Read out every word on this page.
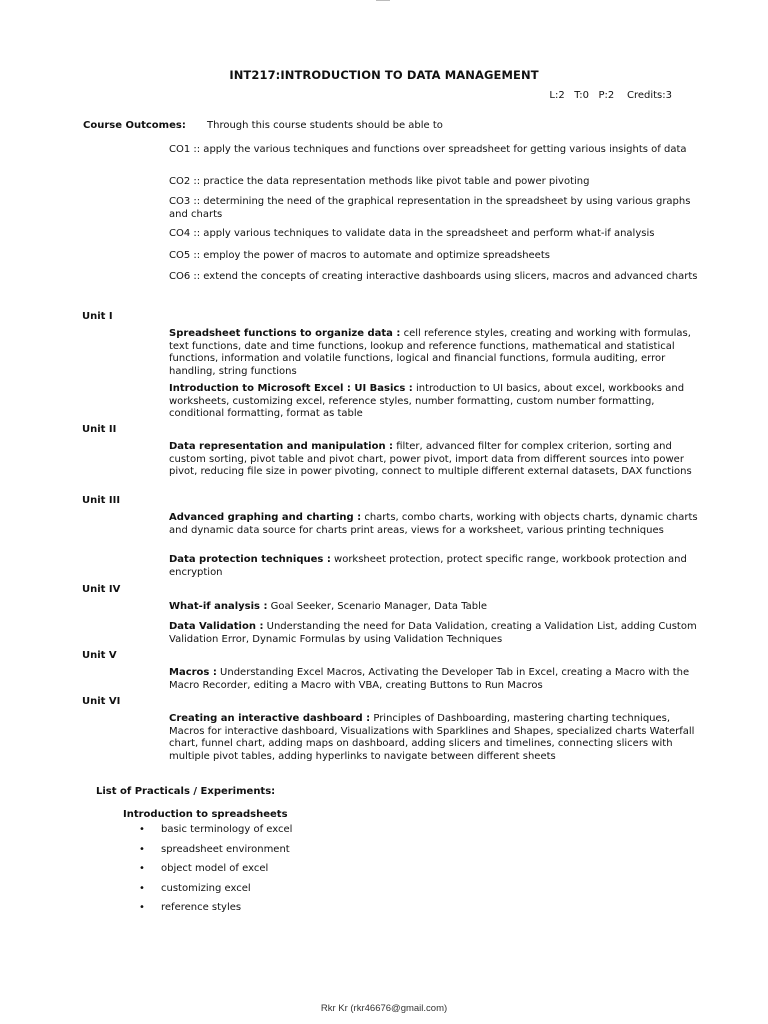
INT217:INTRODUCTION TO DATA MANAGEMENT
L:2   T:0   P:2    Credits:3
Course Outcomes: Through this course students should be able to
CO1 :: apply the various techniques and functions over spreadsheet for getting various insights of data
CO2 :: practice the data representation methods like pivot table and power pivoting
CO3 :: determining the need of the graphical representation in the spreadsheet by using various graphs and charts
CO4 :: apply various techniques to validate data in the spreadsheet and perform what-if analysis
CO5 :: employ the power of macros to automate and optimize spreadsheets
CO6 :: extend the concepts of creating interactive dashboards using slicers, macros and advanced charts
Unit I
Spreadsheet functions to organize data : cell reference styles, creating and working with formulas, text functions, date and time functions, lookup and reference functions, mathematical and statistical functions, information and volatile functions, logical and financial functions, formula auditing, error handling, string functions
Introduction to Microsoft Excel : UI Basics : introduction to UI basics, about excel, workbooks and worksheets, customizing excel, reference styles, number formatting, custom number formatting, conditional formatting, format as table
Unit II
Data representation and manipulation : filter, advanced filter for complex criterion, sorting and custom sorting, pivot table and pivot chart, power pivot, import data from different sources into power pivot, reducing file size in power pivoting, connect to multiple different external datasets, DAX functions
Unit III
Advanced graphing and charting : charts, combo charts, working with objects charts, dynamic charts and dynamic data source for charts print areas, views for a worksheet, various printing techniques
Data protection techniques : worksheet protection, protect specific range, workbook protection and encryption
Unit IV
What-if analysis : Goal Seeker, Scenario Manager, Data Table
Data Validation : Understanding the need for Data Validation, creating a Validation List, adding Custom Validation Error, Dynamic Formulas by using Validation Techniques
Unit V
Macros : Understanding Excel Macros, Activating the Developer Tab in Excel, creating a Macro with the Macro Recorder, editing a Macro with VBA, creating Buttons to Run Macros
Unit VI
Creating an interactive dashboard : Principles of Dashboarding, mastering charting techniques, Macros for interactive dashboard, Visualizations with Sparklines and Shapes, specialized charts Waterfall chart, funnel chart, adding maps on dashboard, adding slicers and timelines, connecting slicers with multiple pivot tables, adding hyperlinks to navigate between different sheets
List of Practicals / Experiments:
Introduction to spreadsheets
•	basic terminology of excel
•	spreadsheet environment
•	object model of excel
•	customizing excel
•	reference styles
Rkr Kr (rkr46676@gmail.com)
